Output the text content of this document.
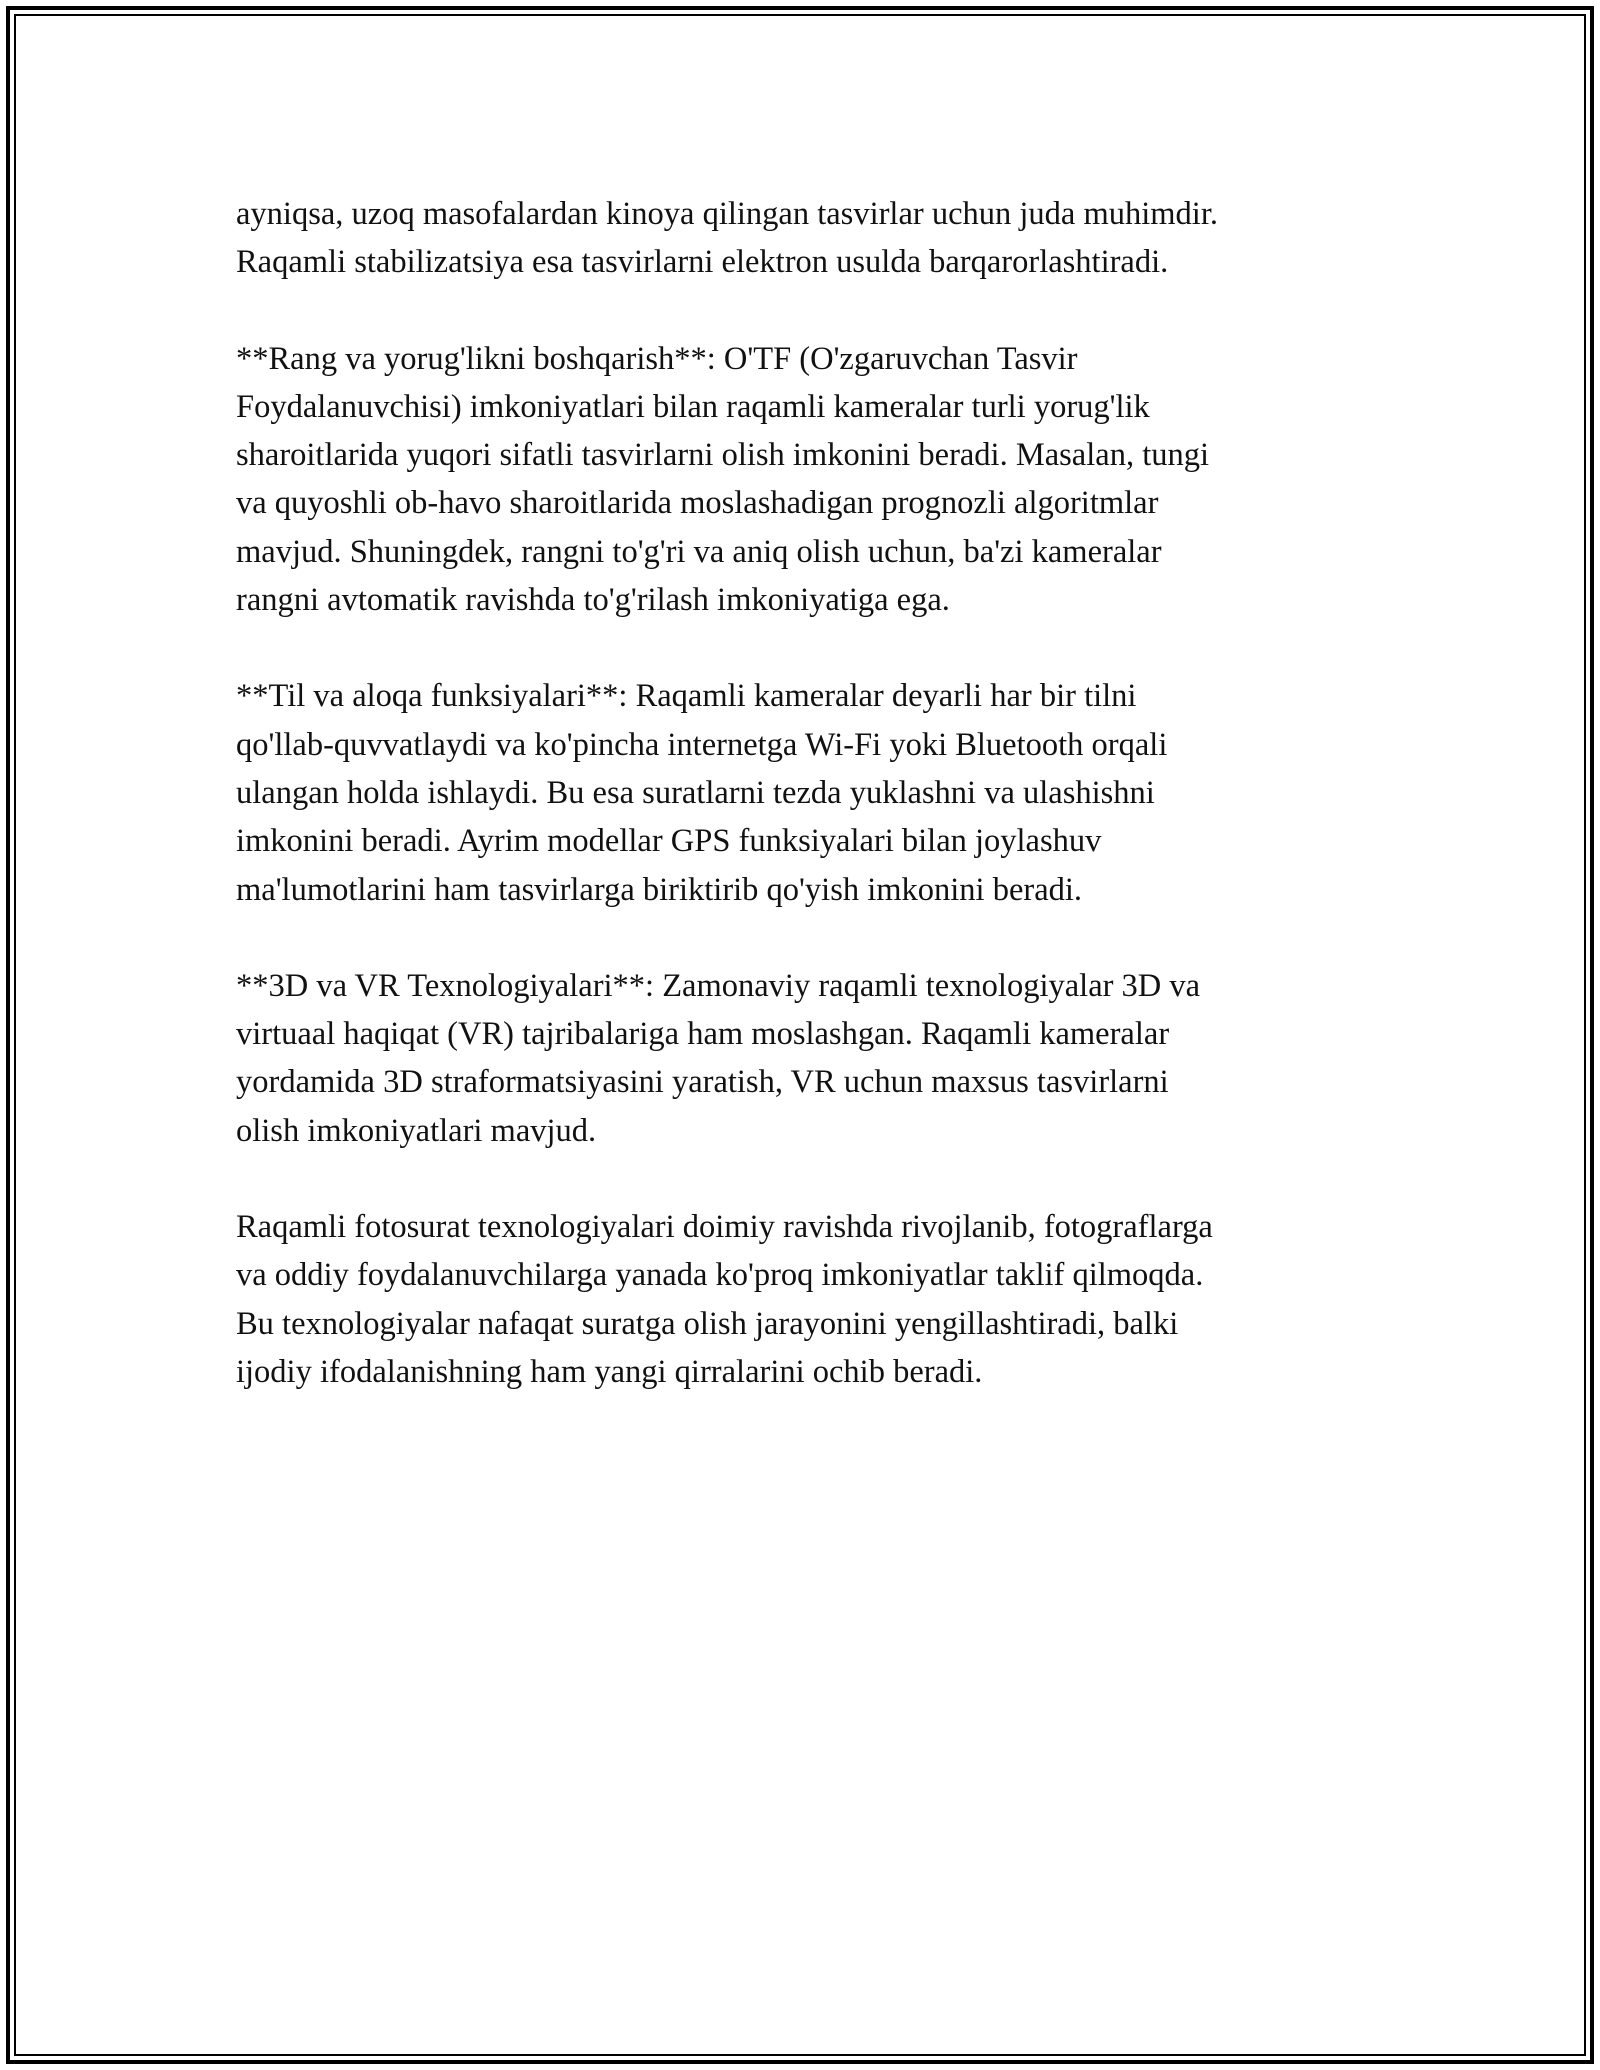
ayniqsa, uzoq masofalardan kinoya qilingan tasvirlar uchun juda muhimdir.
Raqamli stabilizatsiya esa tasvirlarni elektron usulda barqarorlashtiradi.

**Rang va yorug'likni boshqarish**: O'TF (O'zgaruvchan Tasvir
Foydalanuvchisi) imkoniyatlari bilan raqamli kameralar turli yorug'lik
sharoitlarida yuqori sifatli tasvirlarni olish imkonini beradi. Masalan, tungi
va quyoshli ob-havo sharoitlarida moslashadigan prognozli algoritmlar
mavjud. Shuningdek, rangni to'g'ri va aniq olish uchun, ba'zi kameralar
rangni avtomatik ravishda to'g'rilash imkoniyatiga ega.

**Til va aloqa funksiyalari**: Raqamli kameralar deyarli har bir tilni
qo'llab-quvvatlaydi va ko'pincha internetga Wi-Fi yoki Bluetooth orqali
ulangan holda ishlaydi. Bu esa suratlarni tezda yuklashni va ulashishni
imkonini beradi. Ayrim modellar GPS funksiyalari bilan joylashuv
ma'lumotlarini ham tasvirlarga biriktirib qo'yish imkonini beradi.

**3D va VR Texnologiyalari**: Zamonaviy raqamli texnologiyalar 3D va
virtuaal haqiqat (VR) tajribalariga ham moslashgan. Raqamli kameralar
yordamida 3D straformatsiyasini yaratish, VR uchun maxsus tasvirlarni
olish imkoniyatlari mavjud.

Raqamli fotosurat texnologiyalari doimiy ravishda rivojlanib, fotograflarga
va oddiy foydalanuvchilarga yanada ko'proq imkoniyatlar taklif qilmoqda.
Bu texnologiyalar nafaqat suratga olish jarayonini yengillashtiradi, balki
ijodiy ifodalanishning ham yangi qirralarini ochib beradi.
